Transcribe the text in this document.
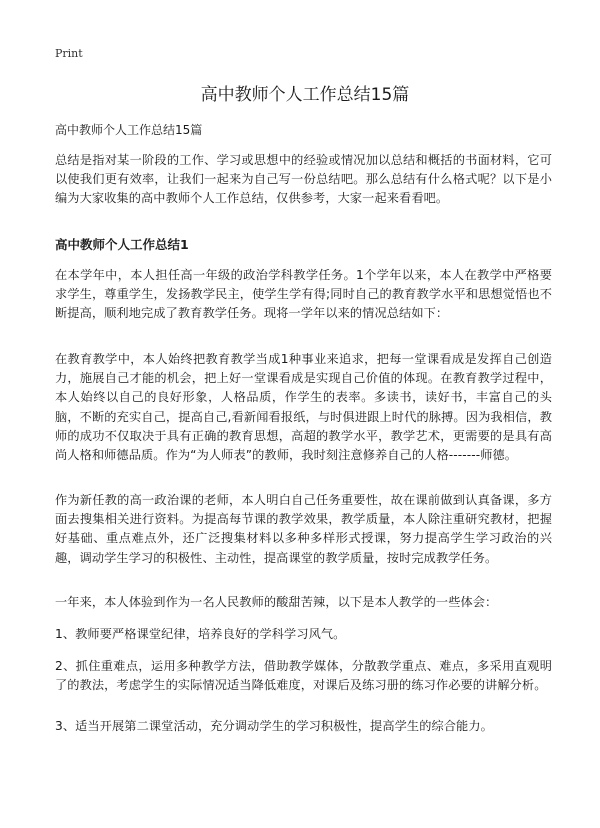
Print
高中教师个人工作总结15篇

高中教师个人工作总结15篇

总结是指对某一阶段的工作、学习或思想中的经验或情况加以总结和概括的书面材料，它可以使我们更有效率，让我们一起来为自己写一份总结吧。那么总结有什么格式呢？以下是小编为大家收集的高中教师个人工作总结，仅供参考，大家一起来看看吧。

高中教师个人工作总结1

在本学年中，本人担任高一年级的政治学科教学任务。1个学年以来，本人在教学中严格要求学生，尊重学生，发扬教学民主，使学生学有得;同时自己的教育教学水平和思想觉悟也不断提高，顺利地完成了教育教学任务。现将一学年以来的情况总结如下：

在教育教学中，本人始终把教育教学当成1种事业来追求，把每一堂课看成是发挥自己创造力，施展自己才能的机会，把上好一堂课看成是实现自己价值的体现。在教育教学过程中，本人始终以自己的良好形象，人格品质，作学生的表率。多读书，读好书，丰富自己的头脑，不断的充实自己，提高自己,看新闻看报纸，与时俱进跟上时代的脉搏。因为我相信，教师的成功不仅取决于具有正确的教育思想，高超的教学水平，教学艺术，更需要的是具有高尚人格和师德品质。作为“为人师表”的教师，我时刻注意修养自己的人格-------师德。

作为新任教的高一政治课的老师，本人明白自己任务重要性，故在课前做到认真备课，多方面去搜集相关进行资料。为提高每节课的教学效果，教学质量，本人除注重研究教材，把握好基础、重点难点外，还广泛搜集材料以多种多样形式授课，努力提高学生学习政治的兴趣，调动学生学习的积极性、主动性，提高课堂的教学质量，按时完成教学任务。

一年来，本人体验到作为一名人民教师的酸甜苦辣，以下是本人教学的一些体会：

1、教师要严格课堂纪律，培养良好的学科学习风气。

2、抓住重难点，运用多种教学方法，借助教学媒体，分散教学重点、难点，多采用直观明了的教法，考虑学生的实际情况适当降低难度，对课后及练习册的练习作必要的讲解分析。

3、适当开展第二课堂活动，充分调动学生的学习积极性，提高学生的综合能力。
